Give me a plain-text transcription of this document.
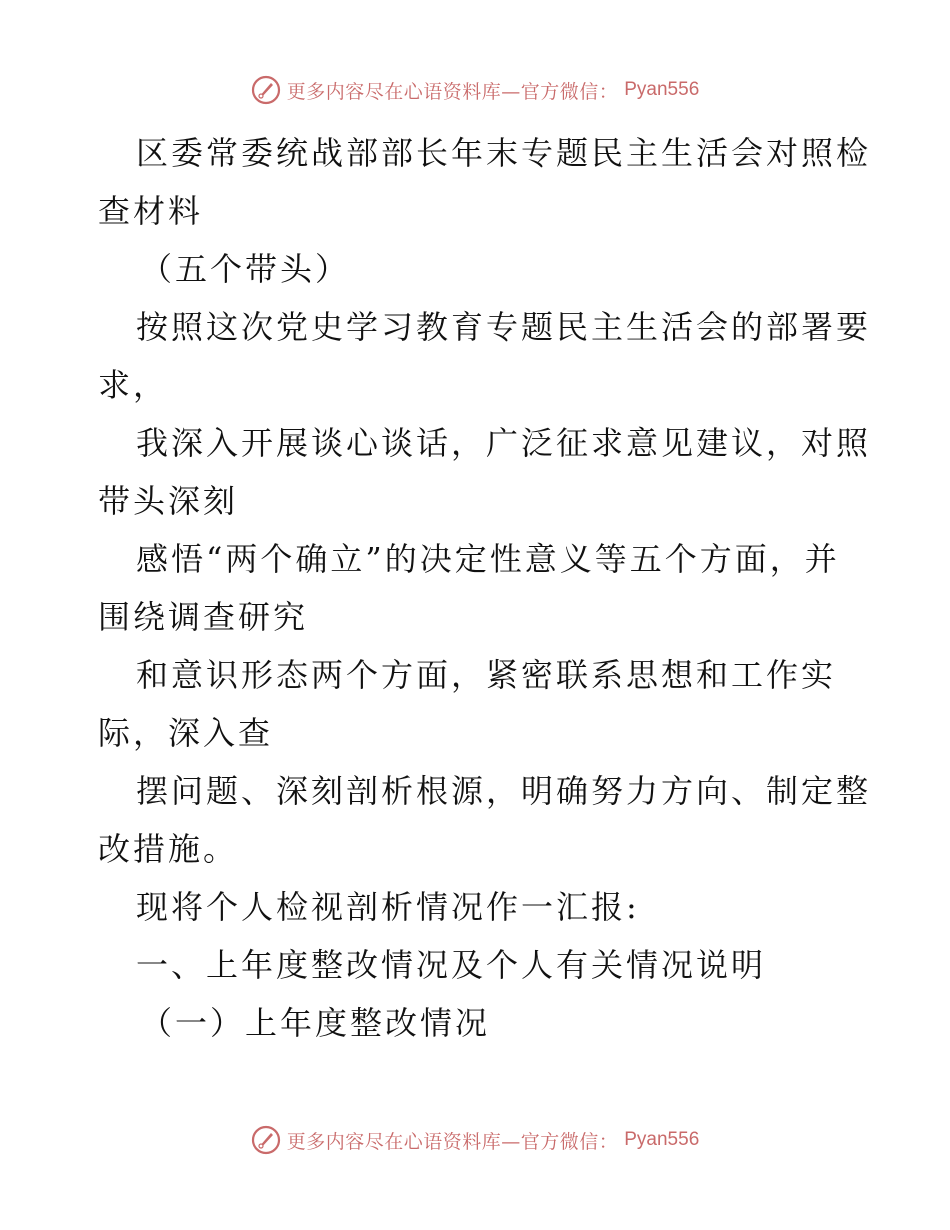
更多内容尽在心语资料库—官方微信： Pyan556
区委常委统战部部长年末专题民主生活会对照检
查材料
（五个带头）
按照这次党史学习教育专题民主生活会的部署要
求，
我深入开展谈心谈话，广泛征求意见建议，对照
带头深刻
感悟“两个确立”的决定性意义等五个方面，并
围绕调查研究
和意识形态两个方面，紧密联系思想和工作实
际，深入查
摆问题、深刻剖析根源，明确努力方向、制定整
改措施。
现将个人检视剖析情况作一汇报:
一、上年度整改情况及个人有关情况说明
（一）上年度整改情况
更多内容尽在心语资料库—官方微信： Pyan556
